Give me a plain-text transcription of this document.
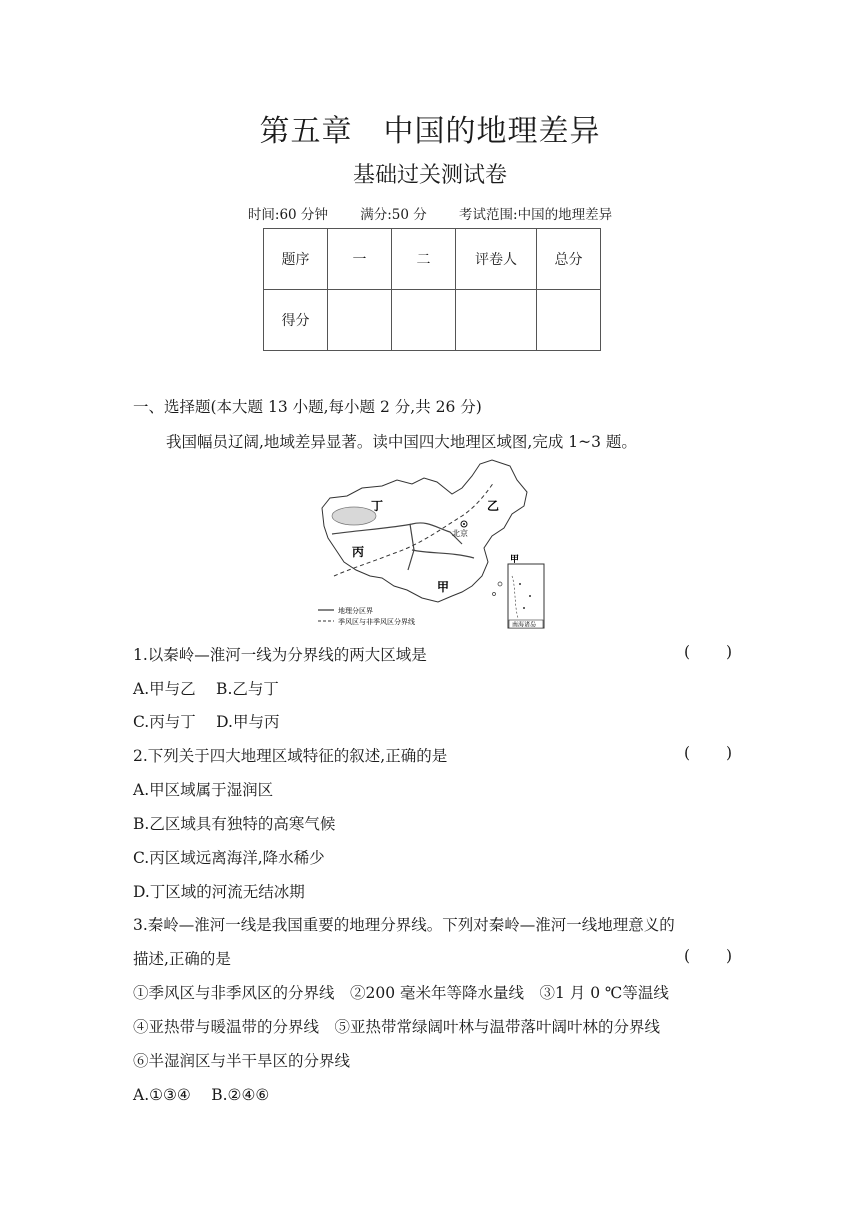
第五章　中国的地理差异
基础过关测试卷
时间:60 分钟 满分:50 分 考试范围:中国的地理差异
题序	一	二	评卷人	总分
得分				
一、选择题(本大题 13 小题,每小题 2 分,共 26 分)
我国幅员辽阔,地域差异显著。读中国四大地理区域图,完成 1~3 题。
丁	乙
丙
甲
北京
地理分区界
季风区与非季风区分界线
甲
南海诸岛
1.以秦岭—淮河一线为分界线的两大区域是	( )
A.甲与乙　 B.乙与丁
C.丙与丁　 D.甲与丙
2.下列关于四大地理区域特征的叙述,正确的是	( )
A.甲区域属于湿润区
B.乙区域具有独特的高寒气候
C.丙区域远离海洋,降水稀少
D.丁区域的河流无结冰期
3.秦岭—淮河一线是我国重要的地理分界线。下列对秦岭—淮河一线地理意义的
描述,正确的是	( )
①季风区与非季风区的分界线　②200 毫米年等降水量线　③1 月 0 ℃等温线
④亚热带与暖温带的分界线　⑤亚热带常绿阔叶林与温带落叶阔叶林的分界线
⑥半湿润区与半干旱区的分界线
A.①③④　 B.②④⑥
